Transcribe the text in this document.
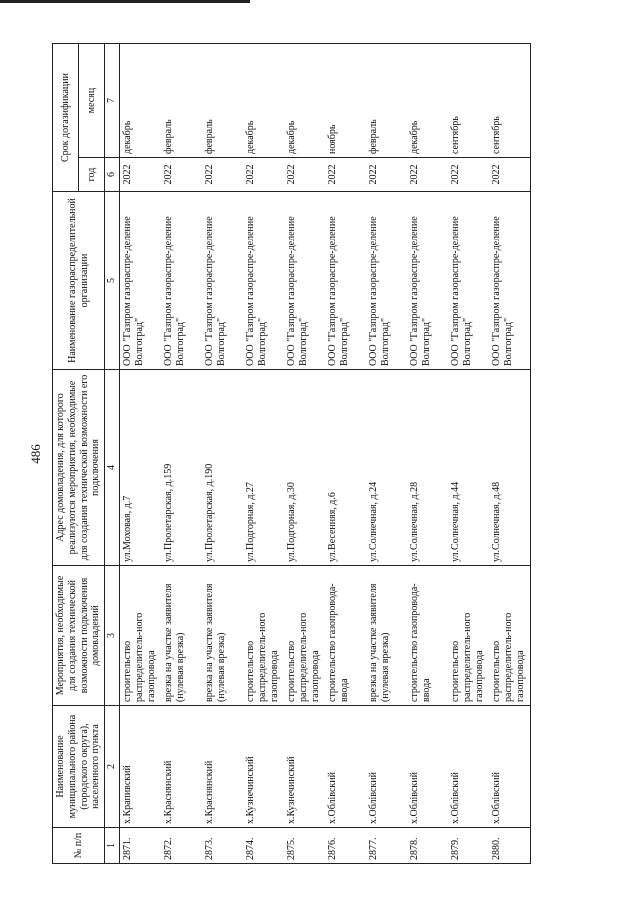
486
№ п/п	Наименование муниципального района (городского округа), населенного пункта	Мероприятия, необходимые для создания технической возможности подключения домовладений	Адрес домовладения, для которого реализуются мероприятия, необходимые для создания технической возможности его подключения	Наименование газораспределительной организации	Срок догазификации	
					год	месяц
1	2	3	4	5	6	7
2871.	х.Крапивский	строительство распределитель-ного газопровода	ул.Моховая, д.7	ООО "Газпром газораспре-деление Волгоград"	2022	декабрь
2872.	х.Краснянский	врезка на участке заявителя (нулевая врезка)	ул.Пролетарская, д.159	ООО "Газпром газораспре-деление Волгоград"	2022	февраль
2873.	х.Краснянский	врезка на участке заявителя (нулевая врезка)	ул.Пролетарская, д.190	ООО "Газпром газораспре-деление Волгоград"	2022	февраль
2874.	х.Кузнечинский	строительство распределитель-ного газопровода	ул.Подгорная, д.27	ООО "Газпром газораспре-деление Волгоград"	2022	декабрь
2875.	х.Кузнечинский	строительство распределитель-ного газопровода	ул.Подгорная, д.30	ООО "Газпром газораспре-деление Волгоград"	2022	декабрь
2876.	х.Облівский	строительство газопровода-ввода	ул.Весенняя, д.6	ООО "Газпром газораспре-деление Волгоград"	2022	ноябрь
2877.	х.Облівский	врезка на участке заявителя (нулевая врезка)	ул.Солнечная, д.24	ООО "Газпром газораспре-деление Волгоград"	2022	февраль
2878.	х.Облівский	строительство газопровода-ввода	ул.Солнечная, д.28	ООО "Газпром газораспре-деление Волгоград"	2022	декабрь
2879.	х.Облівский	строительство распределитель-ного газопровода	ул.Солнечная, д.44	ООО "Газпром газораспре-деление Волгоград"	2022	сентябрь
2880.	х.Облівский	строительство распределитель-ного газопровода	ул.Солнечная, д.48	ООО "Газпром газораспре-деление Волгоград"	2022	сентябрь
